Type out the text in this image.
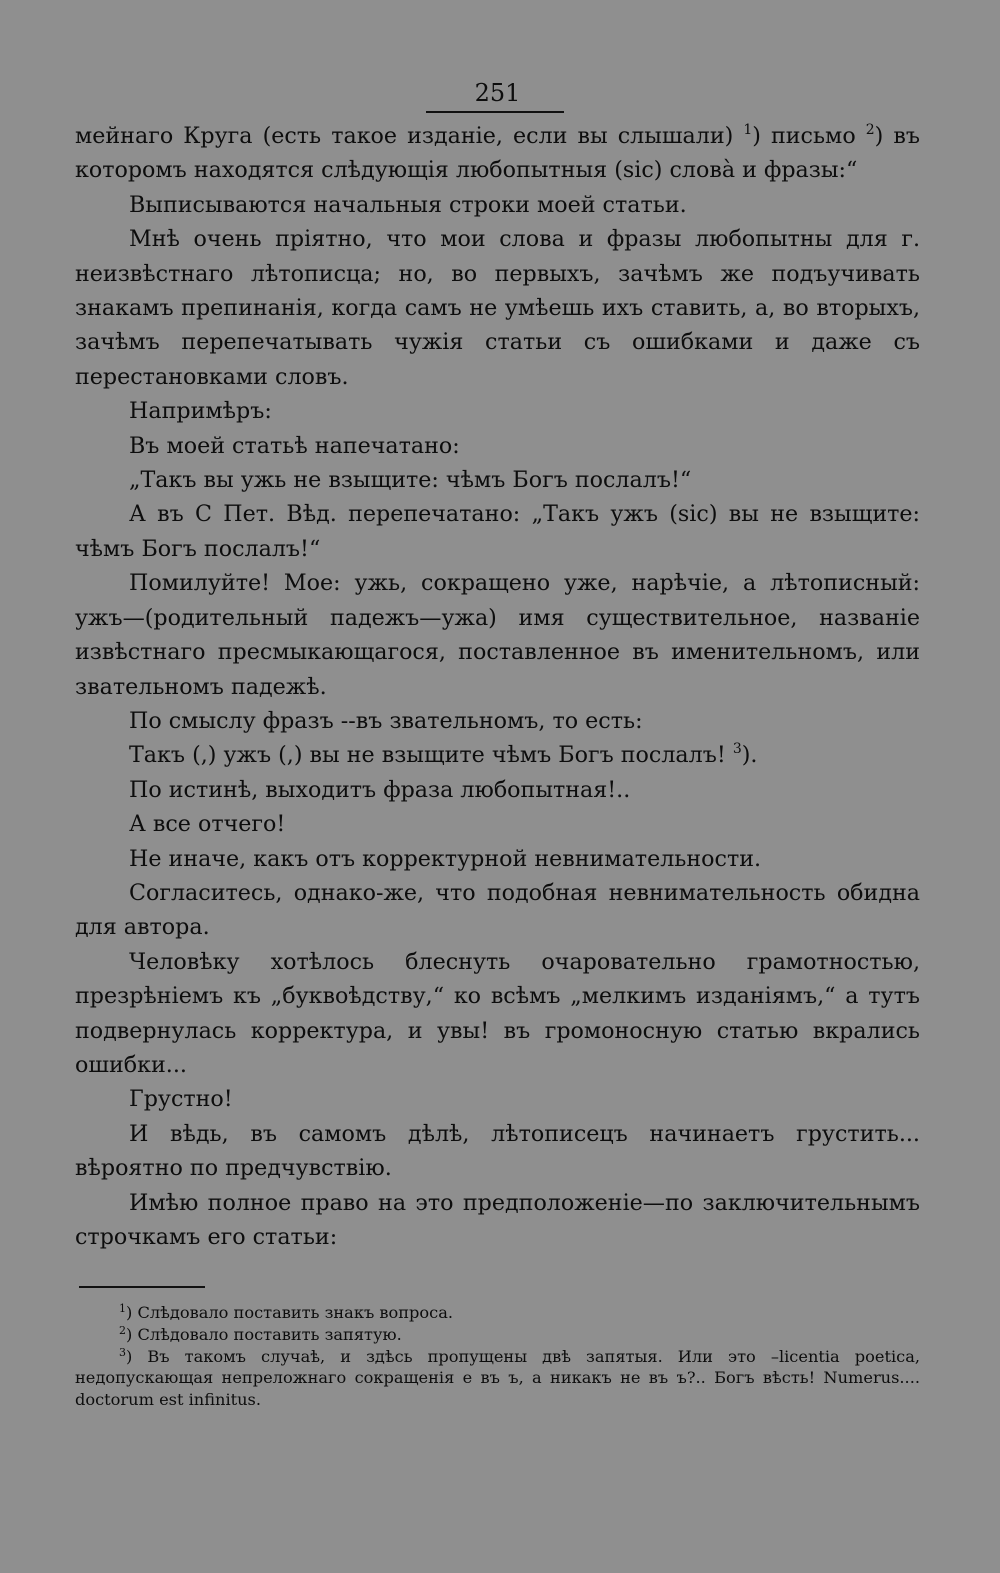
251

мейнаго Круга (есть такое изданіе, если вы слышали) $^1$) письмо $^2$) въ которомъ находятся слѣдующія любопытныя (sic) слова̀ и фразы:“

Выписываются начальныя строки моей статьи.

Мнѣ очень пріятно, что мои слова и фразы любопытны для г. неизвѣстнаго лѣтописца; но, во первыхъ, зачѣмъ же подъучивать знакамъ препинанія, когда самъ не умѣешь ихъ ставить, а, во вторыхъ, зачѣмъ перепечатывать чужія статьи съ ошибками и даже съ перестановками словъ.

Напримѣръ:

Въ моей статьѣ напечатано:

„Такъ вы ужь не взыщите: чѣмъ Богъ послалъ!“

А въ С Пет. Вѣд. перепечатано: „Такъ ужъ (sic) вы не взыщите: чѣмъ Богъ послалъ!“

Помилуйте! Мое: ужь, сокращено уже, нарѣчіе, а лѣтописный: ужъ—(родительный падежъ—ужа) имя существительное, названіе извѣстнаго пресмыкающагося, поставленное въ именительномъ, или звательномъ падежѣ.

По смыслу фразъ --въ звательномъ, то есть:

Такъ (,) ужъ (,) вы не взыщите чѣмъ Богъ послалъ! $^3$).

По истинѣ, выходитъ фраза любопытная!..

А все отчего!

Не иначе, какъ отъ корректурной невнимательности.

Согласитесь, однако-же, что подобная невнимательность обидна для автора.

Человѣку хотѣлось блеснуть очаровательно грамотностью, презрѣніемъ къ „буквоѣдству,“ ко всѣмъ „мелкимъ изданіямъ,“ а тутъ подвернулась корректура, и увы! въ громоносную статью вкрались ошибки...

Грустно!

И вѣдь, въ самомъ дѣлѣ, лѣтописецъ начинаетъ грустить... вѣроятно по предчувствію.

Имѣю полное право на это предположеніе—по заключительнымъ строчкамъ его статьи:

$^1$) Слѣдовало поставить знакъ вопроса.

$^2$) Слѣдовало поставить запятую.

$^3$) Въ такомъ случаѣ, и здѣсь пропущены двѣ запятыя. Или это –licentia poetica, недопускающая непреложнаго сокращенія е въ ъ, а никакъ не въ ъ?.. Богъ вѣсть! Numerus.... doctorum est infinitus.
